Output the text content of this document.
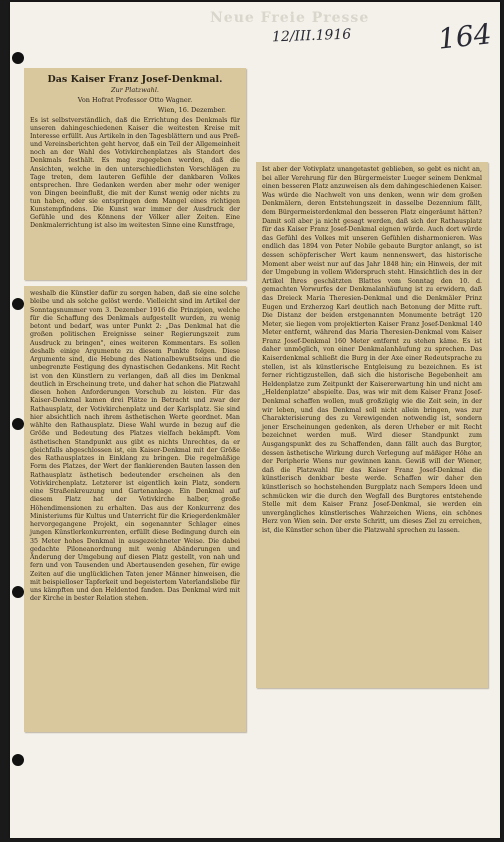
Neue Freie Presse
12/III.1916	164
Das Kaiser Franz Josef-Denkmal.
Zur Platzwahl.
Von Hofrat Professor Otto Wagner.
Wien, 16. Dezember.

Es ist selbstverständlich, daß die Errichtung des Denkmals für unseren dahingeschiedenen Kaiser die weitesten Kreise mit Interesse erfüllt. Aus Artikeln in den Tagesblättern und aus Preß- und Vereinsberichten geht hervor, daß ein Teil der Allgemeinheit noch an der Wahl des Votivkirchenplatzes als Standort des Denkmals festhält. Es mag zugegeben werden, daß die Ansichten, welche in den unterschiedlichsten Vorschlägen zu Tage treten, dem lauteren Gefühle der dankbaren Volkes entsprechen. Ihre Gedanken werden aber mehr oder weniger von Dingen beeinflußt, die mit der Kunst wenig oder nichts zu tun haben, oder sie entspringen dem Mangel eines richtigen Kunstempfindens. Die Kunst war immer der Ausdruck der Gefühle und des Könnens der Völker aller Zeiten. Eine Denkmalerrichtung ist also im weitesten Sinne eine Kunstfrage,

weshalb die Künstler dafür zu sorgen haben, daß sie eine solche bleibe und als solche gelöst werde. Vielleicht sind im Artikel der Sonntagsnummer vom 3. Dezember 1916 die Prinzipien, welche für die Schaffung des Denkmals aufgestellt wurden, zu wenig betont und bedarf, was unter Punkt 2: „Das Denkmal hat die großen politischen Ereignisse seiner Regierungszeit zum Ausdruck zu bringen", eines weiteren Kommentars. Es sollen deshalb einige Argumente zu diesem Punkte folgen. Diese Argumente sind, die Hebung des Nationalbewußtseins und die unbegrenzte Festigung des dynastischen Gedankens. Mit Recht ist von den Künstlern zu verlangen, daß all dies im Denkmal deutlich in Erscheinung trete, und daher hat schon die Platzwahl diesen hohen Anforderungen Vorschub zu leisten. Für das Kaiser-Denkmal kamen drei Plätze in Betracht und zwar der Rathausplatz, der Votivkirchenplatz und der Karlsplatz. Sie sind hier absichtlich nach ihrem ästhetischen Werte geordnet. Man wählte den Rathausplatz. Diese Wahl wurde in bezug auf die Größe und Bedeutung des Platzes vielfach bekämpft. Vom ästhetischen Standpunkt aus gibt es nichts Unrechtes, da er gleichfalls abgeschlossen ist, ein Kaiser-Denkmal mit der Größe des Rathausplatzes in Einklang zu bringen. Die regelmäßige Form des Platzes, der Wert der flankierenden Bauten lassen den Rathausplatz ästhetisch bedeutender erscheinen als den Votivkirchenplatz. Letzterer ist eigentlich kein Platz, sondern eine Straßenkreuzung und Gartenanlage. Ein Denkmal auf diesem Platz hat der Votivkirche halber, große Höhendimensionen zu erhalten. Das aus der Konkurrenz des Ministeriums für Kultus und Unterricht für die Kriegerdenkmäler hervorgegangene Projekt, ein sogenannter Schlager eines jungen Künstlerkonkurrenten, erfüllt diese Bedingung durch ein 35 Meter hohes Denkmal in ausgezeichneter Weise. Die dabei gedachte Piloneanordnung mit wenig Abänderungen und Änderung der Umgebung auf diesen Platz gestellt, von nah und fern und von Tausenden und Abertausenden gesehen, für ewige Zeiten auf die unglücklichen Taten jener Männer hinweisen, die mit beispielloser Tapferkeit und begeistertem Vaterlandsliebe für uns kämpften und den Heldentod fanden. Das Denkmal wird mit der Kirche in bester Relation stehen.

Ist aber der Votivplatz unangetastet geblieben, so gebt es nicht an, bei aller Verehrung für den Bürgermeister Lueger seinem Denkmal einen besseren Platz anzuweisen als dem dahingeschiedenen Kaiser. Was würde die Nachwelt von uns denken, wenn wir dem großen Denkmälern, deren Entstehungszeit in dasselbe Dezennium fällt, dem Bürgermeisterdenkmal den besseren Platz eingeräumt hätten? Damit soll aber ja nicht gesagt werden, daß sich der Rathausplatz für das Kaiser Franz Josef-Denkmal eignen würde. Auch dort würde das Gefühl des Volkes mit unseren Gefühlen disharmonieren. Was endlich das 1894 von Peter Nobile gebaute Burgtor anlangt, so ist dessen schöpferischer Wert kaum nennenswert, das historische Moment aber weist nur auf das Jahr 1848 hin; ein Hinweis, der mit der Umgebung in vollem Widerspruch steht. Hinsichtlich des in der Artikel Ihres geschätzten Blattes vom Sonntag den 10. d. gemachten Vorwurfes der Denkmalanhäufung ist zu erwidern, daß das Dreieck Maria Theresien-Denkmal und die Denkmäler Prinz Eugen und Erzherzog Karl deutlich nach Betonung der Mitte ruft. Die Distanz der beiden erstgenannten Monumente beträgt 120 Meter, sie liegen vom projektierten Kaiser Franz Josef-Denkmal 140 Meter entfernt, während das Maria Theresien-Denkmal vom Kaiser Franz Josef-Denkmal 160 Meter entfernt zu stehen käme. Es ist daher unmöglich, von einer Denkmalanhäufung zu sprechen. Das Kaiserdenkmal schließt die Burg in der Axe einer Redeutsprache zu stellen, ist als künstlerische Entgleisung zu bezeichnen. Es ist ferner richtigzustellen, daß sich die historische Begebenheit am Heldenplatze zum Zeitpunkt der Kaisererwartung hin und nicht am „Heldenplatze" abspielte. Das, was wir mit dem Kaiser Franz Josef-Denkmal schaffen wollen, muß großzügig wie die Zeit sein, in der wir leben, und das Denkmal soll nicht allein bringen, was zur Charakterisierung des zu Verewigenden notwendig ist, sondern jener Erscheinungen gedenken, als deren Urheber er mit Recht bezeichnet werden muß. Wird dieser Standpunkt zum Ausgangspunkt des zu Schaffenden, dann fällt auch das Burgtor, dessen ästhetische Wirkung durch Verlegung auf mäßiger Höhe an der Peripherie Wiens nur gewinnen kann. Gewiß will der Wiener, daß die Platzwahl für das Kaiser Franz Josef-Denkmal die künstlerisch denkbar beste werde. Schaffen wir daher den künstlerisch so hochstehenden Burgplatz nach Sempers Ideen und schmücken wir die durch den Wegfall des Burgtores entstehende Stelle mit dem Kaiser Franz Josef-Denkmal, sie werden ein unvergängliches künstlerisches Wahrzeichen Wiens, ein schönes Herz von Wien sein. Der erste Schritt, um dieses Ziel zu erreichen, ist, die Künstler schon über die Platzwahl sprechen zu lassen.
